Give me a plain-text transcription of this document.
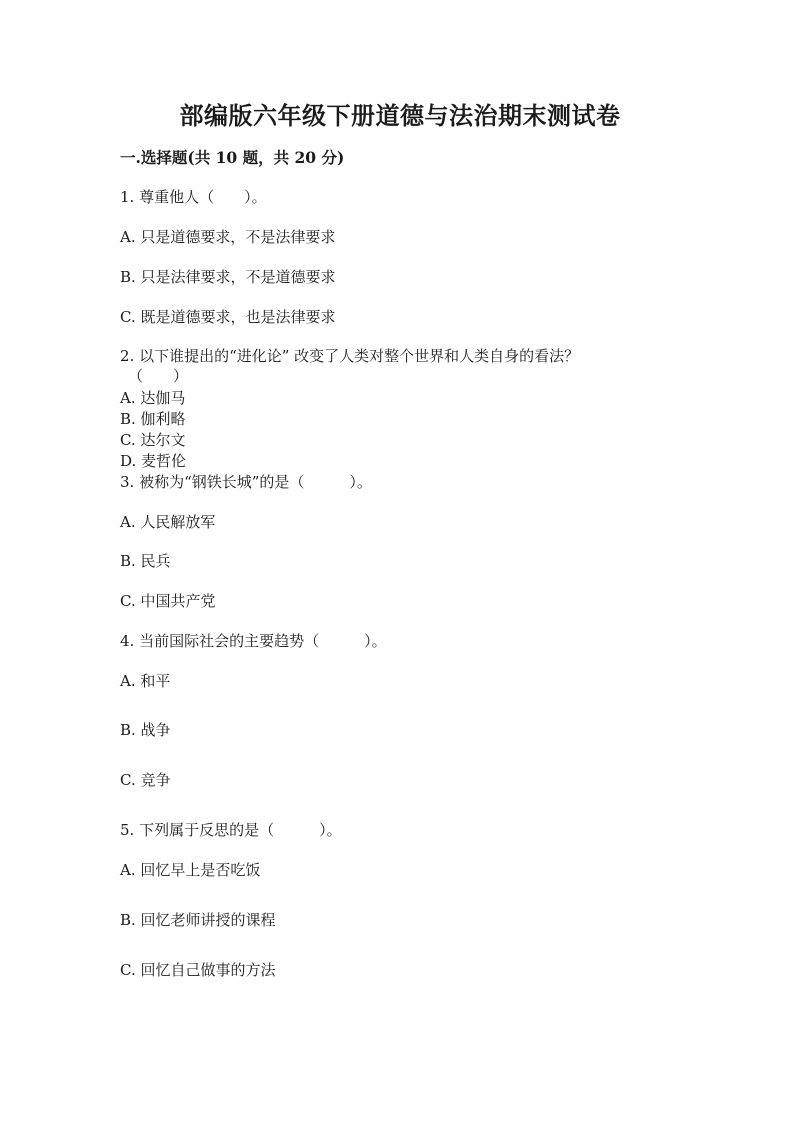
部编版六年级下册道德与法治期末测试卷
一.选择题(共 10 题，共 20 分)
1. 尊重他人（　　）。
A. 只是道德要求，不是法律要求
B. 只是法律要求，不是道德要求
C. 既是道德要求，也是法律要求
2. 以下谁提出的“进化论” 改变了人类对整个世界和人类自身的看法？
（　　）
A. 达伽马
B. 伽利略
C. 达尔文
D. 麦哲伦
3. 被称为“钢铁长城”的是（　　　）。
A. 人民解放军
B. 民兵
C. 中国共产党
4. 当前国际社会的主要趋势（　　　）。
A. 和平
B. 战争
C. 竞争
5. 下列属于反思的是（　　　）。
A. 回忆早上是否吃饭
B. 回忆老师讲授的课程
C. 回忆自己做事的方法
